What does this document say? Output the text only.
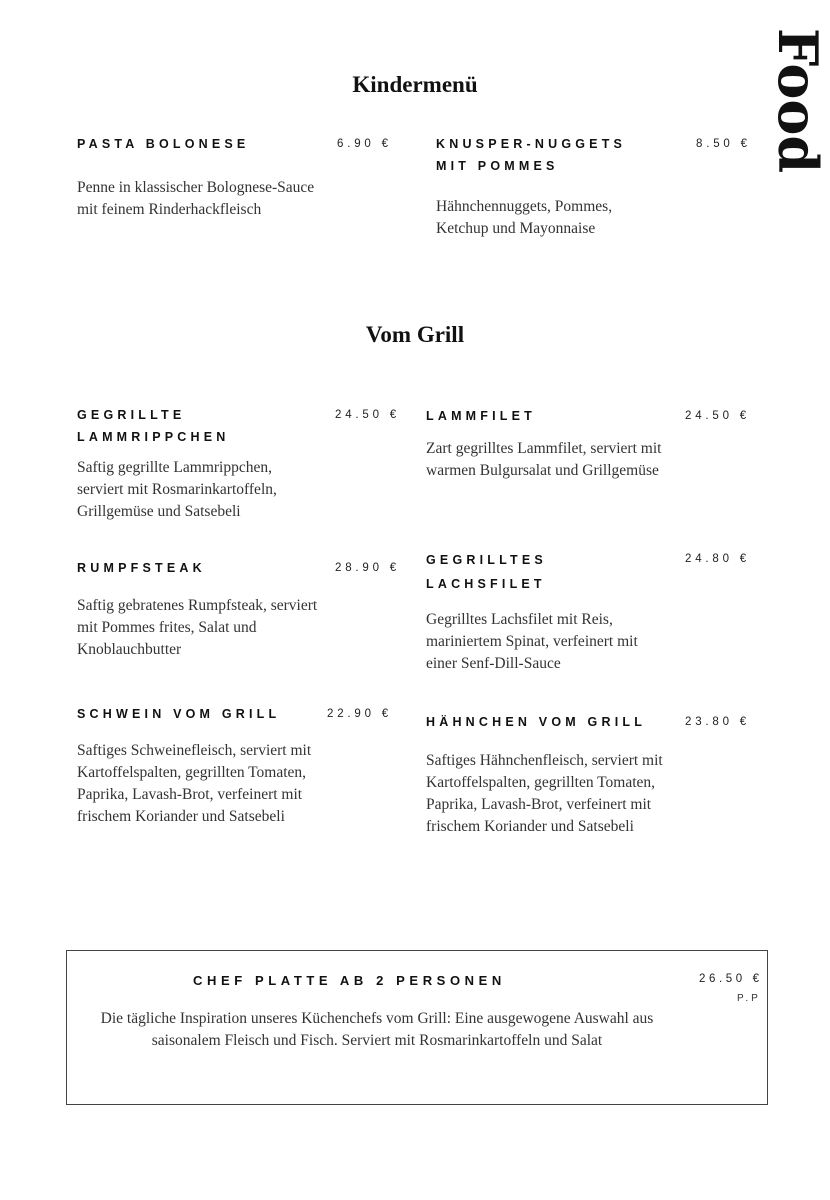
Food
Kindermenü
PASTA BOLONESE	6.90 €
Penne in klassischer Bolognese-Sauce mit feinem Rinderhackfleisch
KNUSPER-NUGGETS MIT POMMES
8.50 €
Hähnchennuggets, Pommes, Ketchup und Mayonnaise
Vom Grill
GEGRILLTE LAMMRIPPCHEN
24.50 €
Saftig gegrillte Lammrippchen, serviert mit Rosmarinkartoffeln, Grillgemüse und Satsebeli
LAMMFILET	24.50 €
Zart gegrilltes Lammfilet, serviert mit warmen Bulgursalat und Grillgemüse
RUMPFSTEAK	28.90 €
Saftig gebratenes Rumpfsteak, serviert mit Pommes frites, Salat und Knoblauchbutter
GEGRILLTES LACHSFILET
24.80 €
Gegrilltes Lachsfilet mit Reis, mariniertem Spinat, verfeinert mit einer Senf-Dill-Sauce
SCHWEIN VOM GRILL	22.90 €
Saftiges Schweinefleisch, serviert mit Kartoffelspalten, gegrillten Tomaten, Paprika, Lavash-Brot, verfeinert mit frischem Koriander und Satsebeli
HÄHNCHEN VOM GRILL	23.80 €
Saftiges Hähnchenfleisch, serviert mit Kartoffelspalten, gegrillten Tomaten, Paprika, Lavash-Brot, verfeinert mit frischem Koriander und Satsebeli
CHEF PLATTE AB 2 PERSONEN	26.50 €
P.P
Die tägliche Inspiration unseres Küchenchefs vom Grill: Eine ausgewogene Auswahl aus saisonalem Fleisch und Fisch. Serviert mit Rosmarinkartoffeln und Salat
